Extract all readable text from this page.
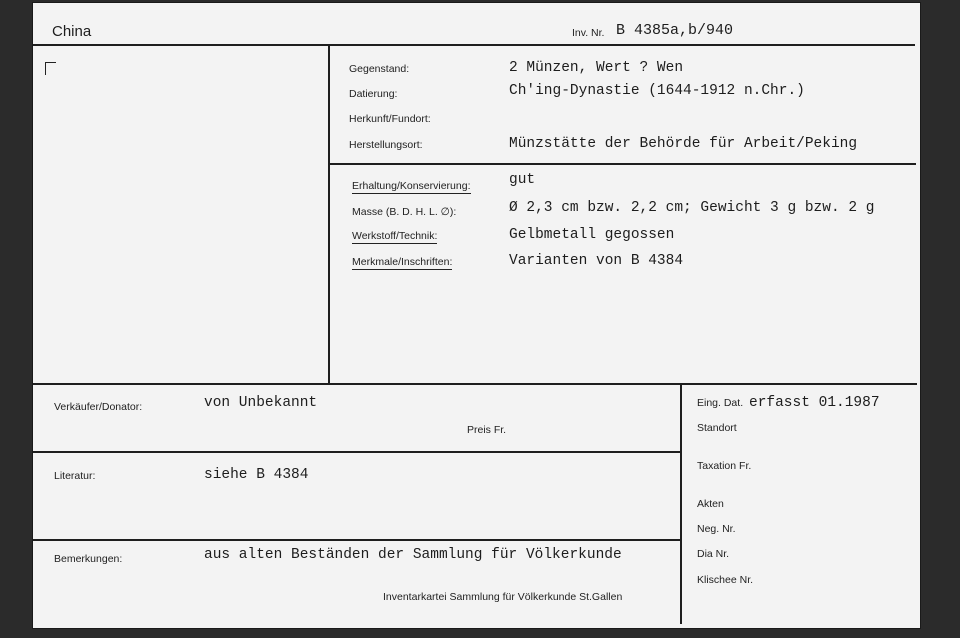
China	Inv. Nr. B 4385a,b/940
Gegenstand:	2 Münzen, Wert ? Wen
Datierung:	Ch'ing-Dynastie (1644-1912 n.Chr.)
Herkunft/Fundort:
Herstellungsort:	Münzstätte der Behörde für Arbeit/Peking
Erhaltung/Konservierung:	gut
Masse (B. D. H. L. ∅):	Ø 2,3 cm bzw. 2,2 cm; Gewicht 3 g bzw. 2 g
Werkstoff/Technik:	Gelbmetall gegossen
Merkmale/Inschriften:	Varianten von B 4384
Verkäufer/Donator:	von Unbekannt
Preis Fr.
Literatur:	siehe B 4384
Bemerkungen:	aus alten Beständen der Sammlung für Völkerkunde
Inventarkartei Sammlung für Völkerkunde St.Gallen
Eing. Dat. erfasst 01.1987
Standort
Taxation Fr.
Akten
Neg. Nr.
Dia Nr.
Klischee Nr.
